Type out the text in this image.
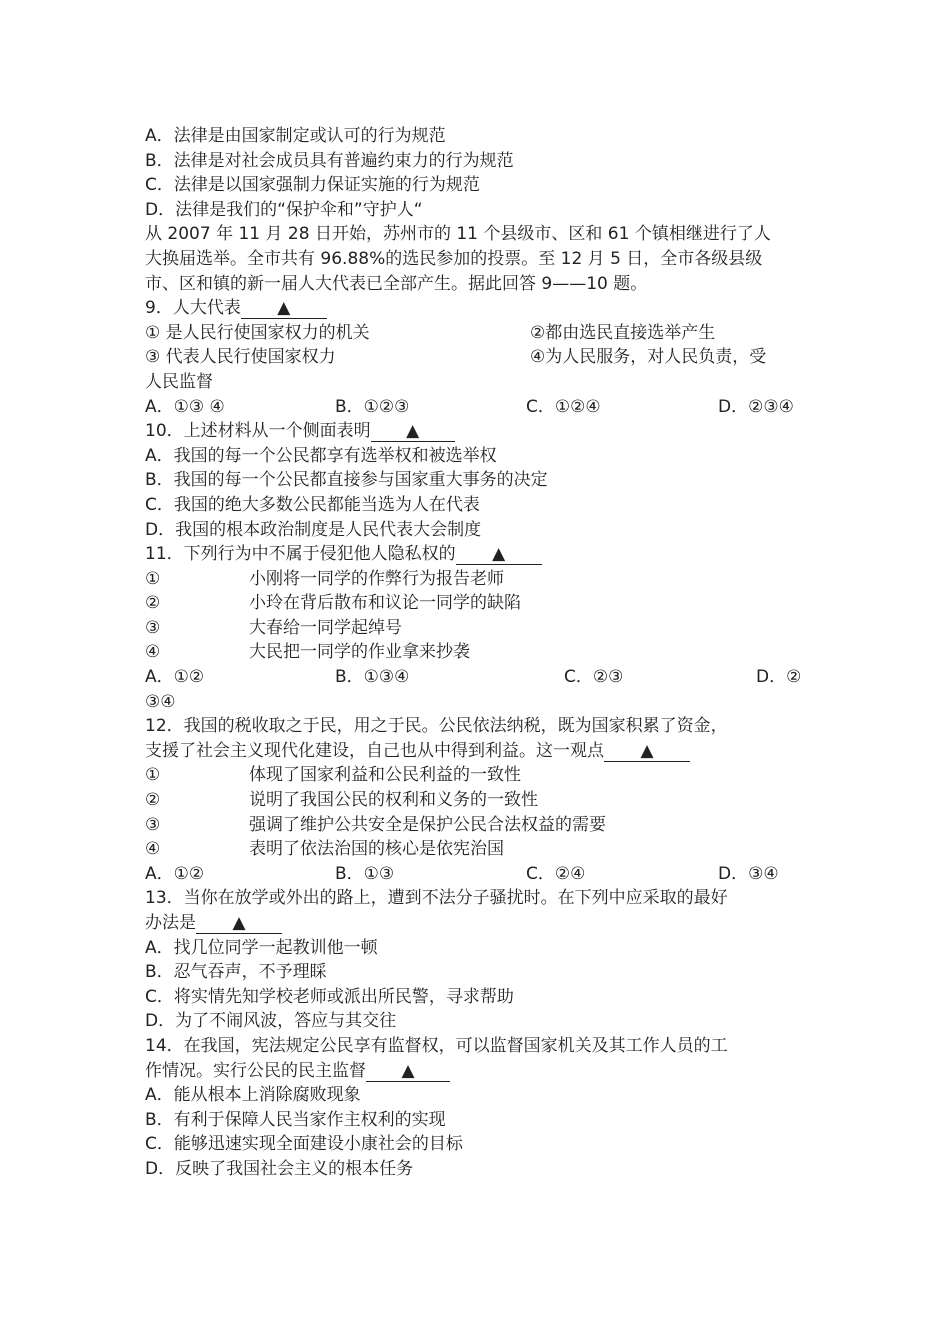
A．法律是由国家制定或认可的行为规范
B．法律是对社会成员具有普遍约束力的行为规范
C．法律是以国家强制力保证实施的行为规范
D．法律是我们的“保护伞和”守护人“
从 2007 年 11 月 28 日开始，苏州市的 11 个县级市、区和 61 个镇相继进行了人
大换届选举。全市共有 96.88%的选民参加的投票。至 12 月 5 日，全市各级县级
市、区和镇的新一届人大代表已全部产生。据此回答 9——10 题。
9．人大代表 ▲
① 是人民行使国家权力的机关	②都由选民直接选举产生
③ 代表人民行使国家权力	④为人民服务，对人民负责，受
人民监督
A．①③ ④	B．①②③	C．①②④	D．②③④
10．上述材料从一个侧面表明 ▲
A．我国的每一个公民都享有选举权和被选举权
B．我国的每一个公民都直接参与国家重大事务的决定
C．我国的绝大多数公民都能当选为人在代表
D．我国的根本政治制度是人民代表大会制度
11．下列行为中不属于侵犯他人隐私权的 ▲
①	小刚将一同学的作弊行为报告老师
②	小玲在背后散布和议论一同学的缺陷
③	大春给一同学起绰号
④	大民把一同学的作业拿来抄袭
A．①②	B．①③④	C．②③	D．②
③④
12．我国的税收取之于民，用之于民。公民依法纳税，既为国家积累了资金，
支援了社会主义现代化建设，自己也从中得到利益。这一观点 ▲
①	体现了国家利益和公民利益的一致性
②	说明了我国公民的权利和义务的一致性
③	强调了维护公共安全是保护公民合法权益的需要
④	表明了依法治国的核心是依宪治国
A．①②	B．①③	C．②④	D．③④
13．当你在放学或外出的路上，遭到不法分子骚扰时。在下列中应采取的最好
办法是 ▲
A．找几位同学一起教训他一顿
B．忍气吞声，不予理睬
C．将实情先知学校老师或派出所民警，寻求帮助
D．为了不闹风波，答应与其交往
14．在我国，宪法规定公民享有监督权，可以监督国家机关及其工作人员的工
作情况。实行公民的民主监督 ▲
A．能从根本上消除腐败现象
B．有利于保障人民当家作主权利的实现
C．能够迅速实现全面建设小康社会的目标
D．反映了我国社会主义的根本任务
